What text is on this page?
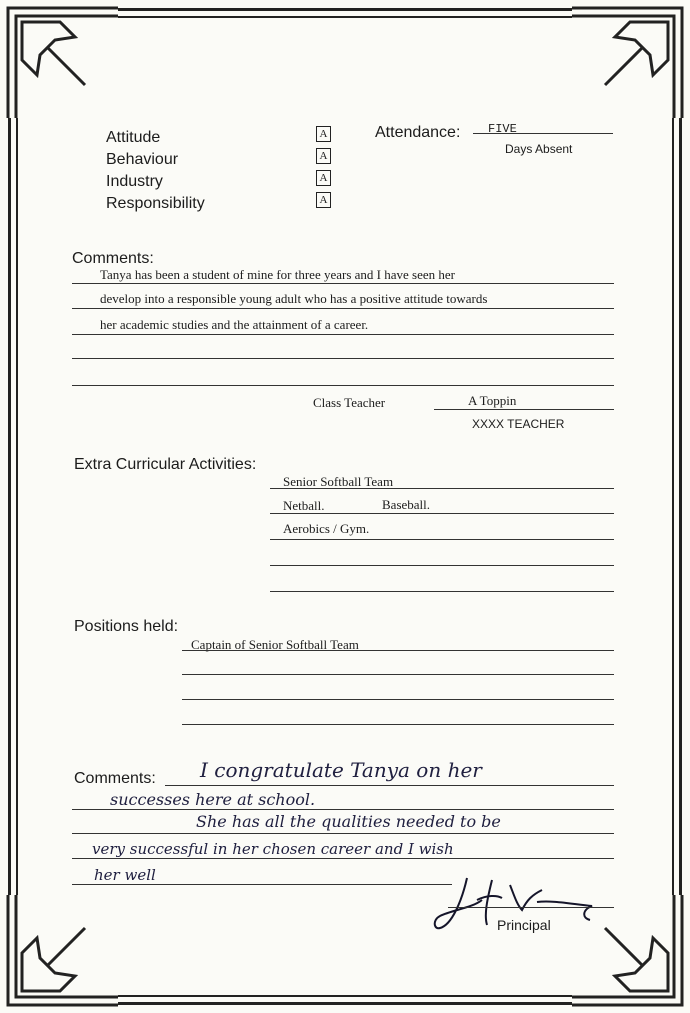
Attitude
Behaviour
Industry
Responsibility
A
A
A
A
Attendance: FIVE
Days Absent
Comments:
Tanya has been a student of mine for three years and I have seen her
develop into a responsible young adult who has a positive attitude towards
her academic studies and the attainment of a career.
Class Teacher	A Toppin
XXXX TEACHER
Extra Curricular Activities:
Senior Softball Team
Netball.	Baseball.
Aerobics / Gym.
Positions held:
Captain of Senior Softball Team
Comments: I congratulate Tanya on her
successes here at school.
She has all the qualities needed to be
very successful in her chosen career and I wish
her well
Principal
